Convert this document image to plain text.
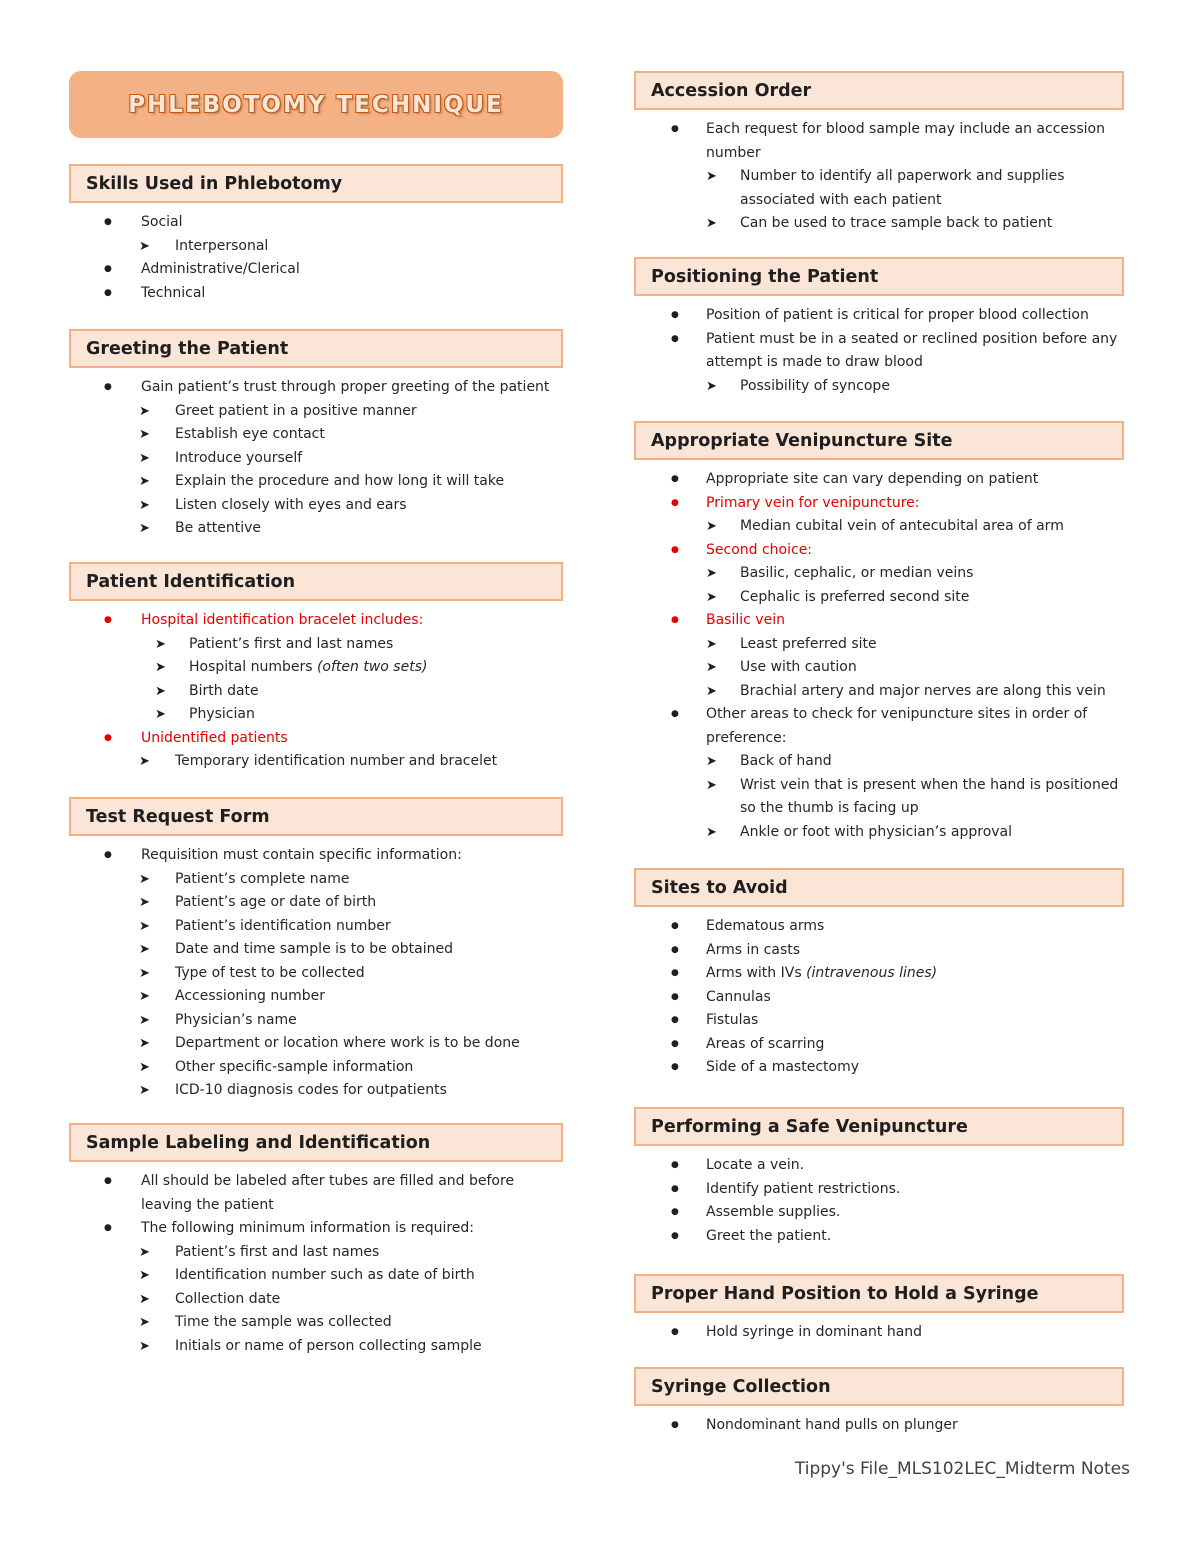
PHLEBOTOMY TECHNIQUE
Skills Used in Phlebotomy
● Social
➤ Interpersonal
● Administrative/Clerical
● Technical
Greeting the Patient
● Gain patient’s trust through proper greeting of the patient
➤ Greet patient in a positive manner
➤ Establish eye contact
➤ Introduce yourself
➤ Explain the procedure and how long it will take
➤ Listen closely with eyes and ears
➤ Be attentive
Patient Identification
● Hospital identification bracelet includes:
➤ Patient’s first and last names
➤ Hospital numbers (often two sets)
➤ Birth date
➤ Physician
● Unidentified patients
➤ Temporary identification number and bracelet
Test Request Form
● Requisition must contain specific information:
➤ Patient’s complete name
➤ Patient’s age or date of birth
➤ Patient’s identification number
➤ Date and time sample is to be obtained
➤ Type of test to be collected
➤ Accessioning number
➤ Physician’s name
➤ Department or location where work is to be done
➤ Other specific-sample information
➤ ICD-10 diagnosis codes for outpatients
Sample Labeling and Identification
● All should be labeled after tubes are filled and before leaving the patient
● The following minimum information is required:
➤ Patient’s first and last names
➤ Identification number such as date of birth
➤ Collection date
➤ Time the sample was collected
➤ Initials or name of person collecting sample
Accession Order
● Each request for blood sample may include an accession number
➤ Number to identify all paperwork and supplies associated with each patient
➤ Can be used to trace sample back to patient
Positioning the Patient
● Position of patient is critical for proper blood collection
● Patient must be in a seated or reclined position before any attempt is made to draw blood
➤ Possibility of syncope
Appropriate Venipuncture Site
● Appropriate site can vary depending on patient
● Primary vein for venipuncture:
➤ Median cubital vein of antecubital area of arm
● Second choice:
➤ Basilic, cephalic, or median veins
➤ Cephalic is preferred second site
● Basilic vein
➤ Least preferred site
➤ Use with caution
➤ Brachial artery and major nerves are along this vein
● Other areas to check for venipuncture sites in order of preference:
➤ Back of hand
➤ Wrist vein that is present when the hand is positioned so the thumb is facing up
➤ Ankle or foot with physician’s approval
Sites to Avoid
● Edematous arms
● Arms in casts
● Arms with IVs (intravenous lines)
● Cannulas
● Fistulas
● Areas of scarring
● Side of a mastectomy
Performing a Safe Venipuncture
● Locate a vein.
● Identify patient restrictions.
● Assemble supplies.
● Greet the patient.
Proper Hand Position to Hold a Syringe
● Hold syringe in dominant hand
Syringe Collection
● Nondominant hand pulls on plunger
Tippy's File_MLS102LEC_Midterm Notes
